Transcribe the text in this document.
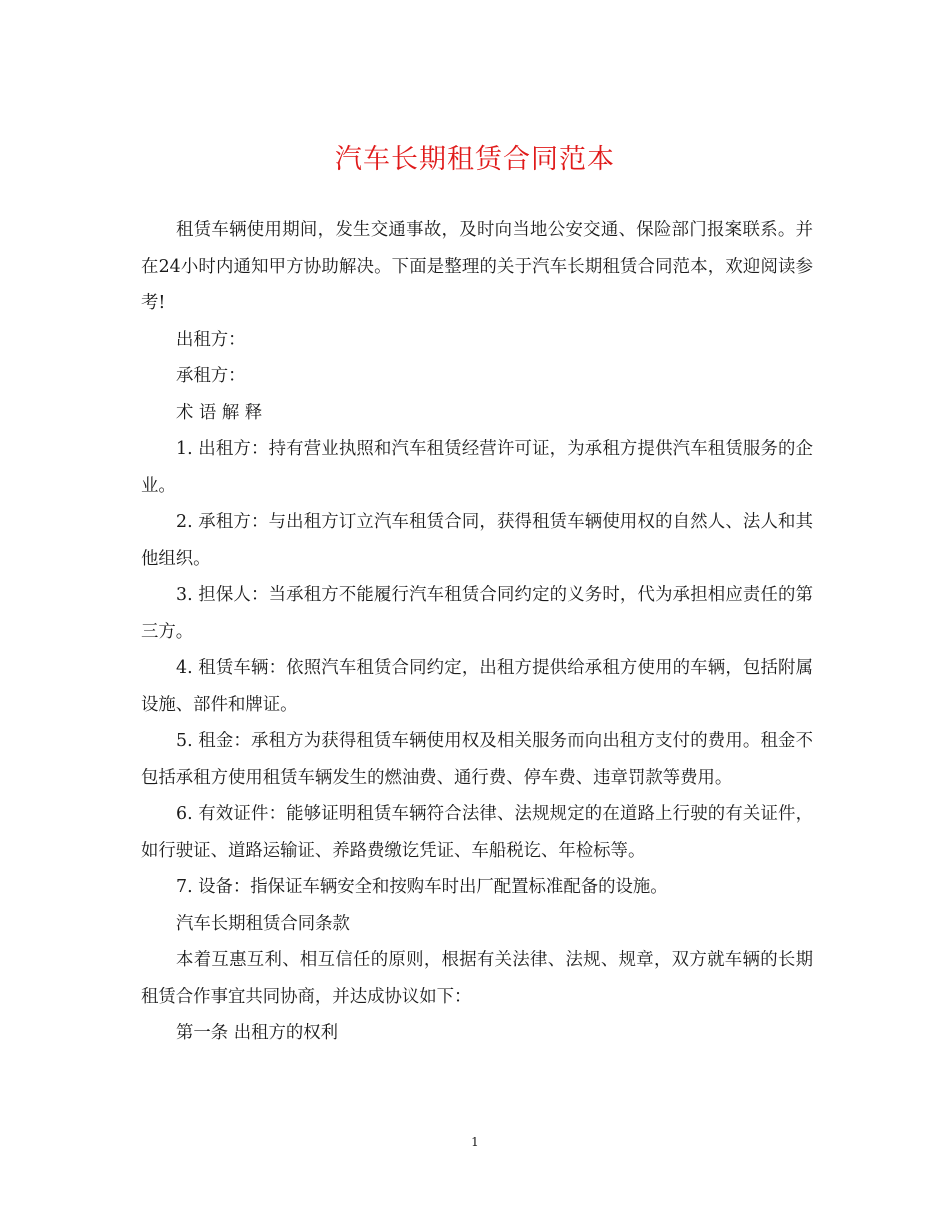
汽车长期租赁合同范本

租赁车辆使用期间，发生交通事故，及时向当地公安交通、保险部门报案联系。并在24小时内通知甲方协助解决。下面是整理的关于汽车长期租赁合同范本，欢迎阅读参考!

出租方：

承租方：

术 语 解 释

1. 出租方：持有营业执照和汽车租赁经营许可证，为承租方提供汽车租赁服务的企业。

2. 承租方：与出租方订立汽车租赁合同，获得租赁车辆使用权的自然人、法人和其他组织。

3. 担保人：当承租方不能履行汽车租赁合同约定的义务时，代为承担相应责任的第三方。

4. 租赁车辆：依照汽车租赁合同约定，出租方提供给承租方使用的车辆，包括附属设施、部件和牌证。

5. 租金：承租方为获得租赁车辆使用权及相关服务而向出租方支付的费用。租金不包括承租方使用租赁车辆发生的燃油费、通行费、停车费、违章罚款等费用。

6. 有效证件：能够证明租赁车辆符合法律、法规规定的在道路上行驶的有关证件，如行驶证、道路运输证、养路费缴讫凭证、车船税讫、年检标等。

7. 设备：指保证车辆安全和按购车时出厂配置标准配备的设施。

汽车长期租赁合同条款

本着互惠互利、相互信任的原则，根据有关法律、法规、规章，双方就车辆的长期租赁合作事宜共同协商，并达成协议如下：

第一条 出租方的权利

1
